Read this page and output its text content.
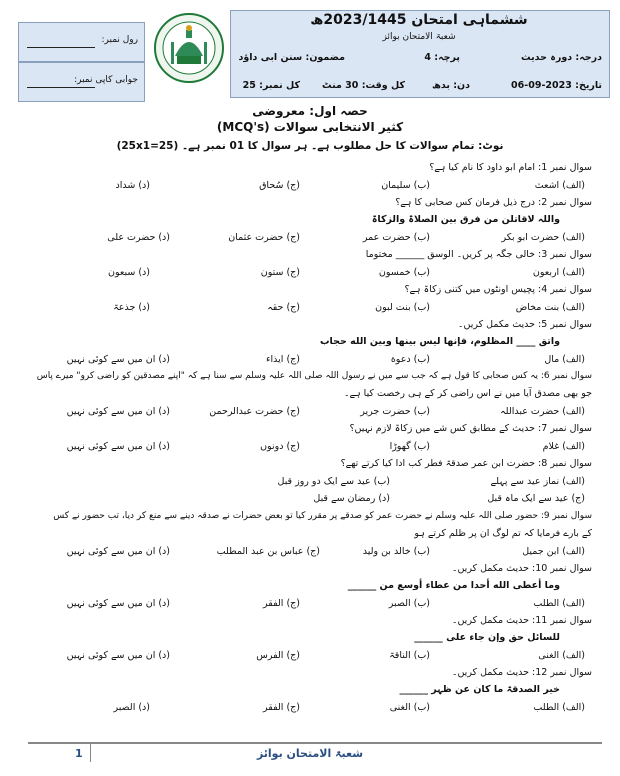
ششماہی امتحان 2023/1445ھ
شعبۃ الامتحان بوائز
درجہ: دورہ حدیث
پرچہ: 4
مضمون: سنن ابی داؤد
تاریخ: 2023-09-06
دن: بدھ
کل وقت: 30 منٹ
کل نمبر: 25
رول نمبر:
جوابی کاپی نمبر:
حصہ اول: معروضی
کثیر الانتخابی سوالات (MCQ's)
نوٹ: تمام سوالات کا حل مطلوب ہے۔ ہر سوال کا 01 نمبر ہے۔ (25x1=25)
سوال نمبر 1: امام ابو داود کا نام کیا ہے؟
(الف) اشعث
(ب) سلیمان
(ج) سُحاق
(د) شداد
سوال نمبر 2: درج ذیل فرمان کس صحابی کا ہے؟
واللہ لاقاتلن من فرق بین الصلاۃ والزکاۃ
(الف) حضرت ابو بکر
(ب) حضرت عمر
(ج) حضرت عثمان
(د) حضرت علی
سوال نمبر 3: خالی جگہ پر کریں۔ الوسق ______ مختوما
(الف) اربعون
(ب) خمسون
(ج) ستون
(د) سبعون
سوال نمبر 4: پچیس اونٹوں میں کتنی زکاۃ ہے؟
(الف) بنت مخاض
(ب) بنت لبون
(ج) حقہ
(د) جذعۃ
سوال نمبر 5: حدیث مکمل کریں۔
واتق ____ المظلوم، فإنها ليس بينها وبين الله حجاب
(الف) مال
(ب) دعوة
(ج) ایذاء
(د) ان میں سے کوئی نہیں
سوال نمبر 6: یہ کس صحابی کا قول ہے کہ جب سے میں نے رسول اللہ صلی اللہ علیہ وسلم سے سنا ہے کہ "اپنے مصدقین کو راضی کرو" میرے پاس
جو بھی مصدق آیا میں نے اس راضی کر کے ہی رخصت کیا ہے۔
(الف) حضرت عبداللہ
(ب) حضرت جریر
(ج) حضرت عبدالرحمن
(د) ان میں سے کوئی نہیں
سوال نمبر 7: حدیث کے مطابق کس شے میں زکاۃ لازم نہیں؟
(الف) غلام
(ب) گھوڑا
(ج) دونوں
(د) ان میں سے کوئی نہیں
سوال نمبر 8: حضرت ابن عمر صدقۃ فطر کب ادا کیا کرتے تھے؟
(الف) نماز عید سے پہلے
(ب) عید سے ایک دو روز قبل
(ج) عید سے ایک ماہ قبل
(د) رمضان سے قبل
سوال نمبر 9: حضور صلی اللہ علیہ وسلم نے حضرت عمر کو صدقے پر مقرر کیا تو بعض حضرات نے صدقہ دینے سے منع کر دیا، تب حضور نے کس
کے بارے فرمایا کہ تم لوگ ان پر ظلم کرتے ہو
(الف) ابن جمیل
(ب) خالد بن ولید
(ج) عباس بن عبد المطلب
(د) ان میں سے کوئی نہیں
سوال نمبر 10: حدیث مکمل کریں۔
وما أعطى الله أحدا من عطاء أوسع من ______
(الف) الطلب
(ب) الصبر
(ج) الفقر
(د) ان میں سے کوئی نہیں
سوال نمبر 11: حدیث مکمل کریں۔
للسائل حق وإن جاء على ______
(الف) الغنی
(ب) الناقۃ
(ج) الفرس
(د) ان میں سے کوئی نہیں
سوال نمبر 12: حدیث مکمل کریں۔
خیر الصدقۃ ما کان عن ظہر ______
(الف) الطلب
(ب) الغنی
(ج) الفقر
(د) الصبر
1	شعبۃ الامتحان بوائز
